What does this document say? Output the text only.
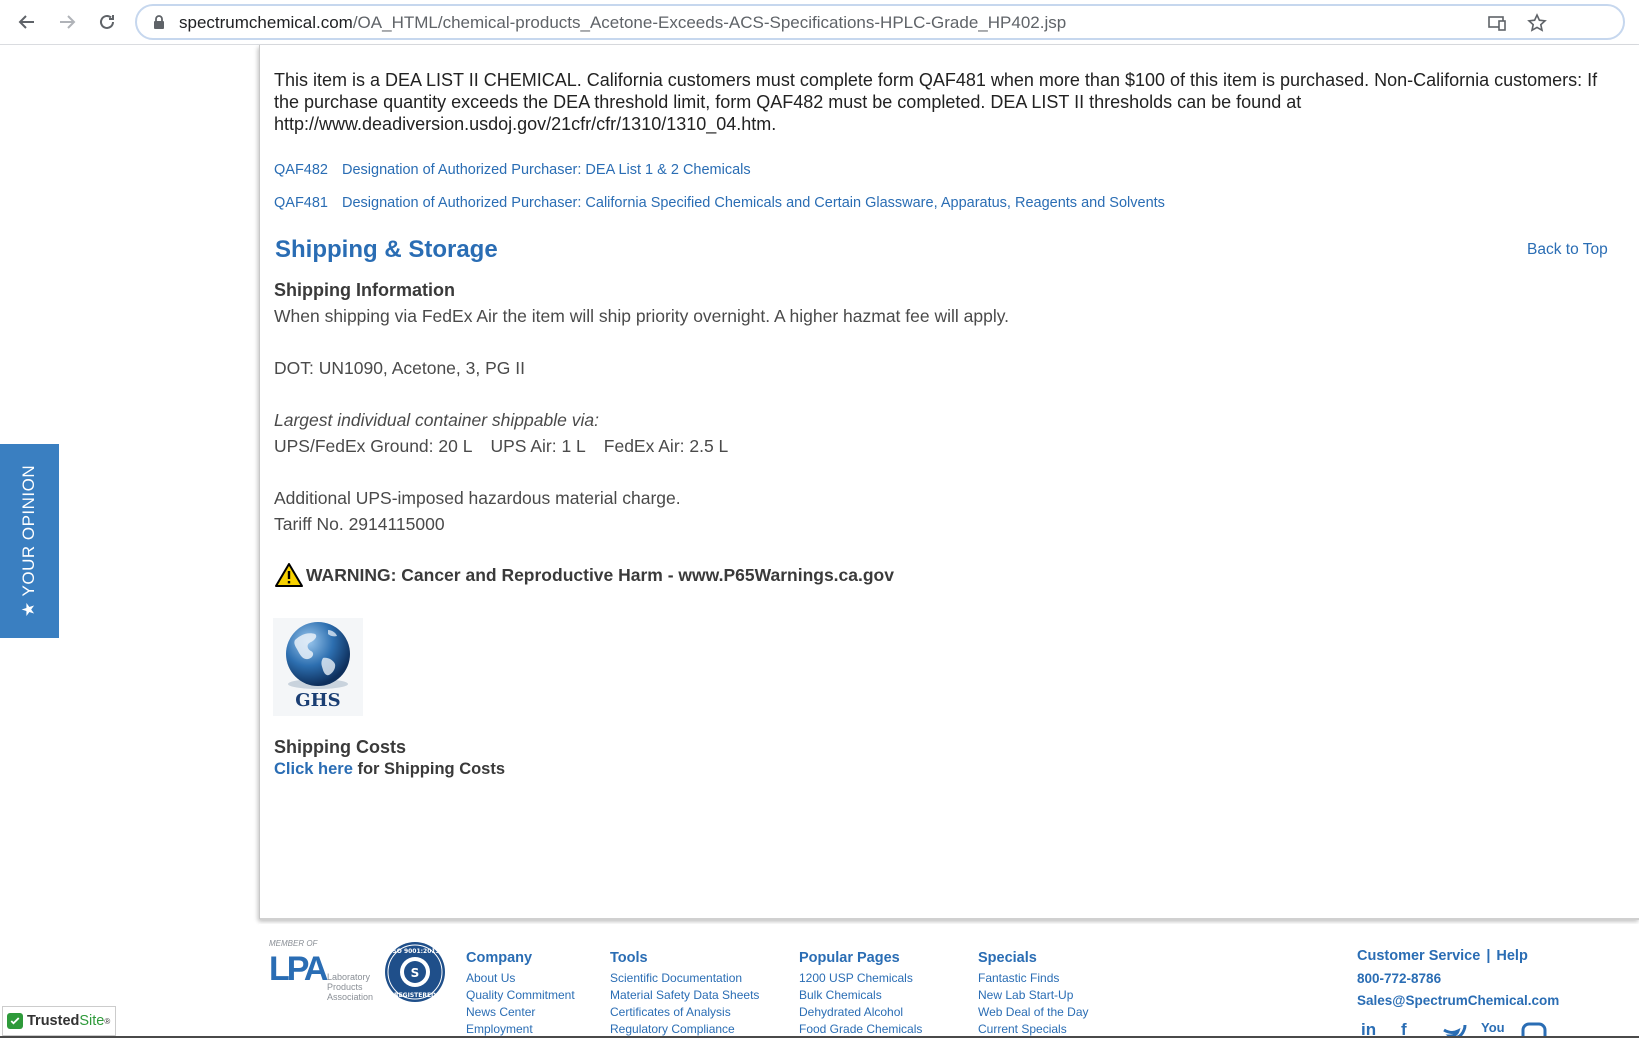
spectrumchemical.com/OA_HTML/chemical-products_Acetone-Exceeds-ACS-Specifications-HPLC-Grade_HP402.jsp
★ YOUR OPINION

This item is a DEA LIST II CHEMICAL. California customers must complete form QAF481 when more than $100 of this item is purchased. Non-California customers: If the purchase quantity exceeds the DEA threshold limit, form QAF482 must be completed. DEA LIST II thresholds can be found at http://www.deadiversion.usdoj.gov/21cfr/cfr/1310/1310_04.htm.

QAF482 Designation of Authorized Purchaser: DEA List 1 & 2 Chemicals
QAF481 Designation of Authorized Purchaser: California Specified Chemicals and Certain Glassware, Apparatus, Reagents and Solvents
Shipping & Storage	Back to Top
Shipping Information
When shipping via FedEx Air the item will ship priority overnight. A higher hazmat fee will apply.
DOT: UN1090, Acetone, 3, PG II
Largest individual container shippable via:
UPS/FedEx Ground: 20 L UPS Air: 1 L FedEx Air: 2.5 L
Additional UPS-imposed hazardous material charge.
Tariff No. 2914115000
WARNING: Cancer and Reproductive Harm - www.P65Warnings.ca.gov
GHS
Shipping Costs
Click here for Shipping Costs
MEMBER OF
LPA Laboratory
Products
Association
S
ISO 9001:2015
REGISTERED
Company
About Us
Quality Commitment
News Center
Employment
Tools
Scientific Documentation
Material Safety Data Sheets
Certificates of Analysis
Regulatory Compliance
Popular Pages
1200 USP Chemicals
Bulk Chemicals
Dehydrated Alcohol
Food Grade Chemicals
Specials
Fantastic Finds
New Lab Start-Up
Web Deal of the Day
Current Specials
Customer Service | Help
800-772-8786
Sales@SpectrumChemical.com
in	f	You
Trusted Site ®
